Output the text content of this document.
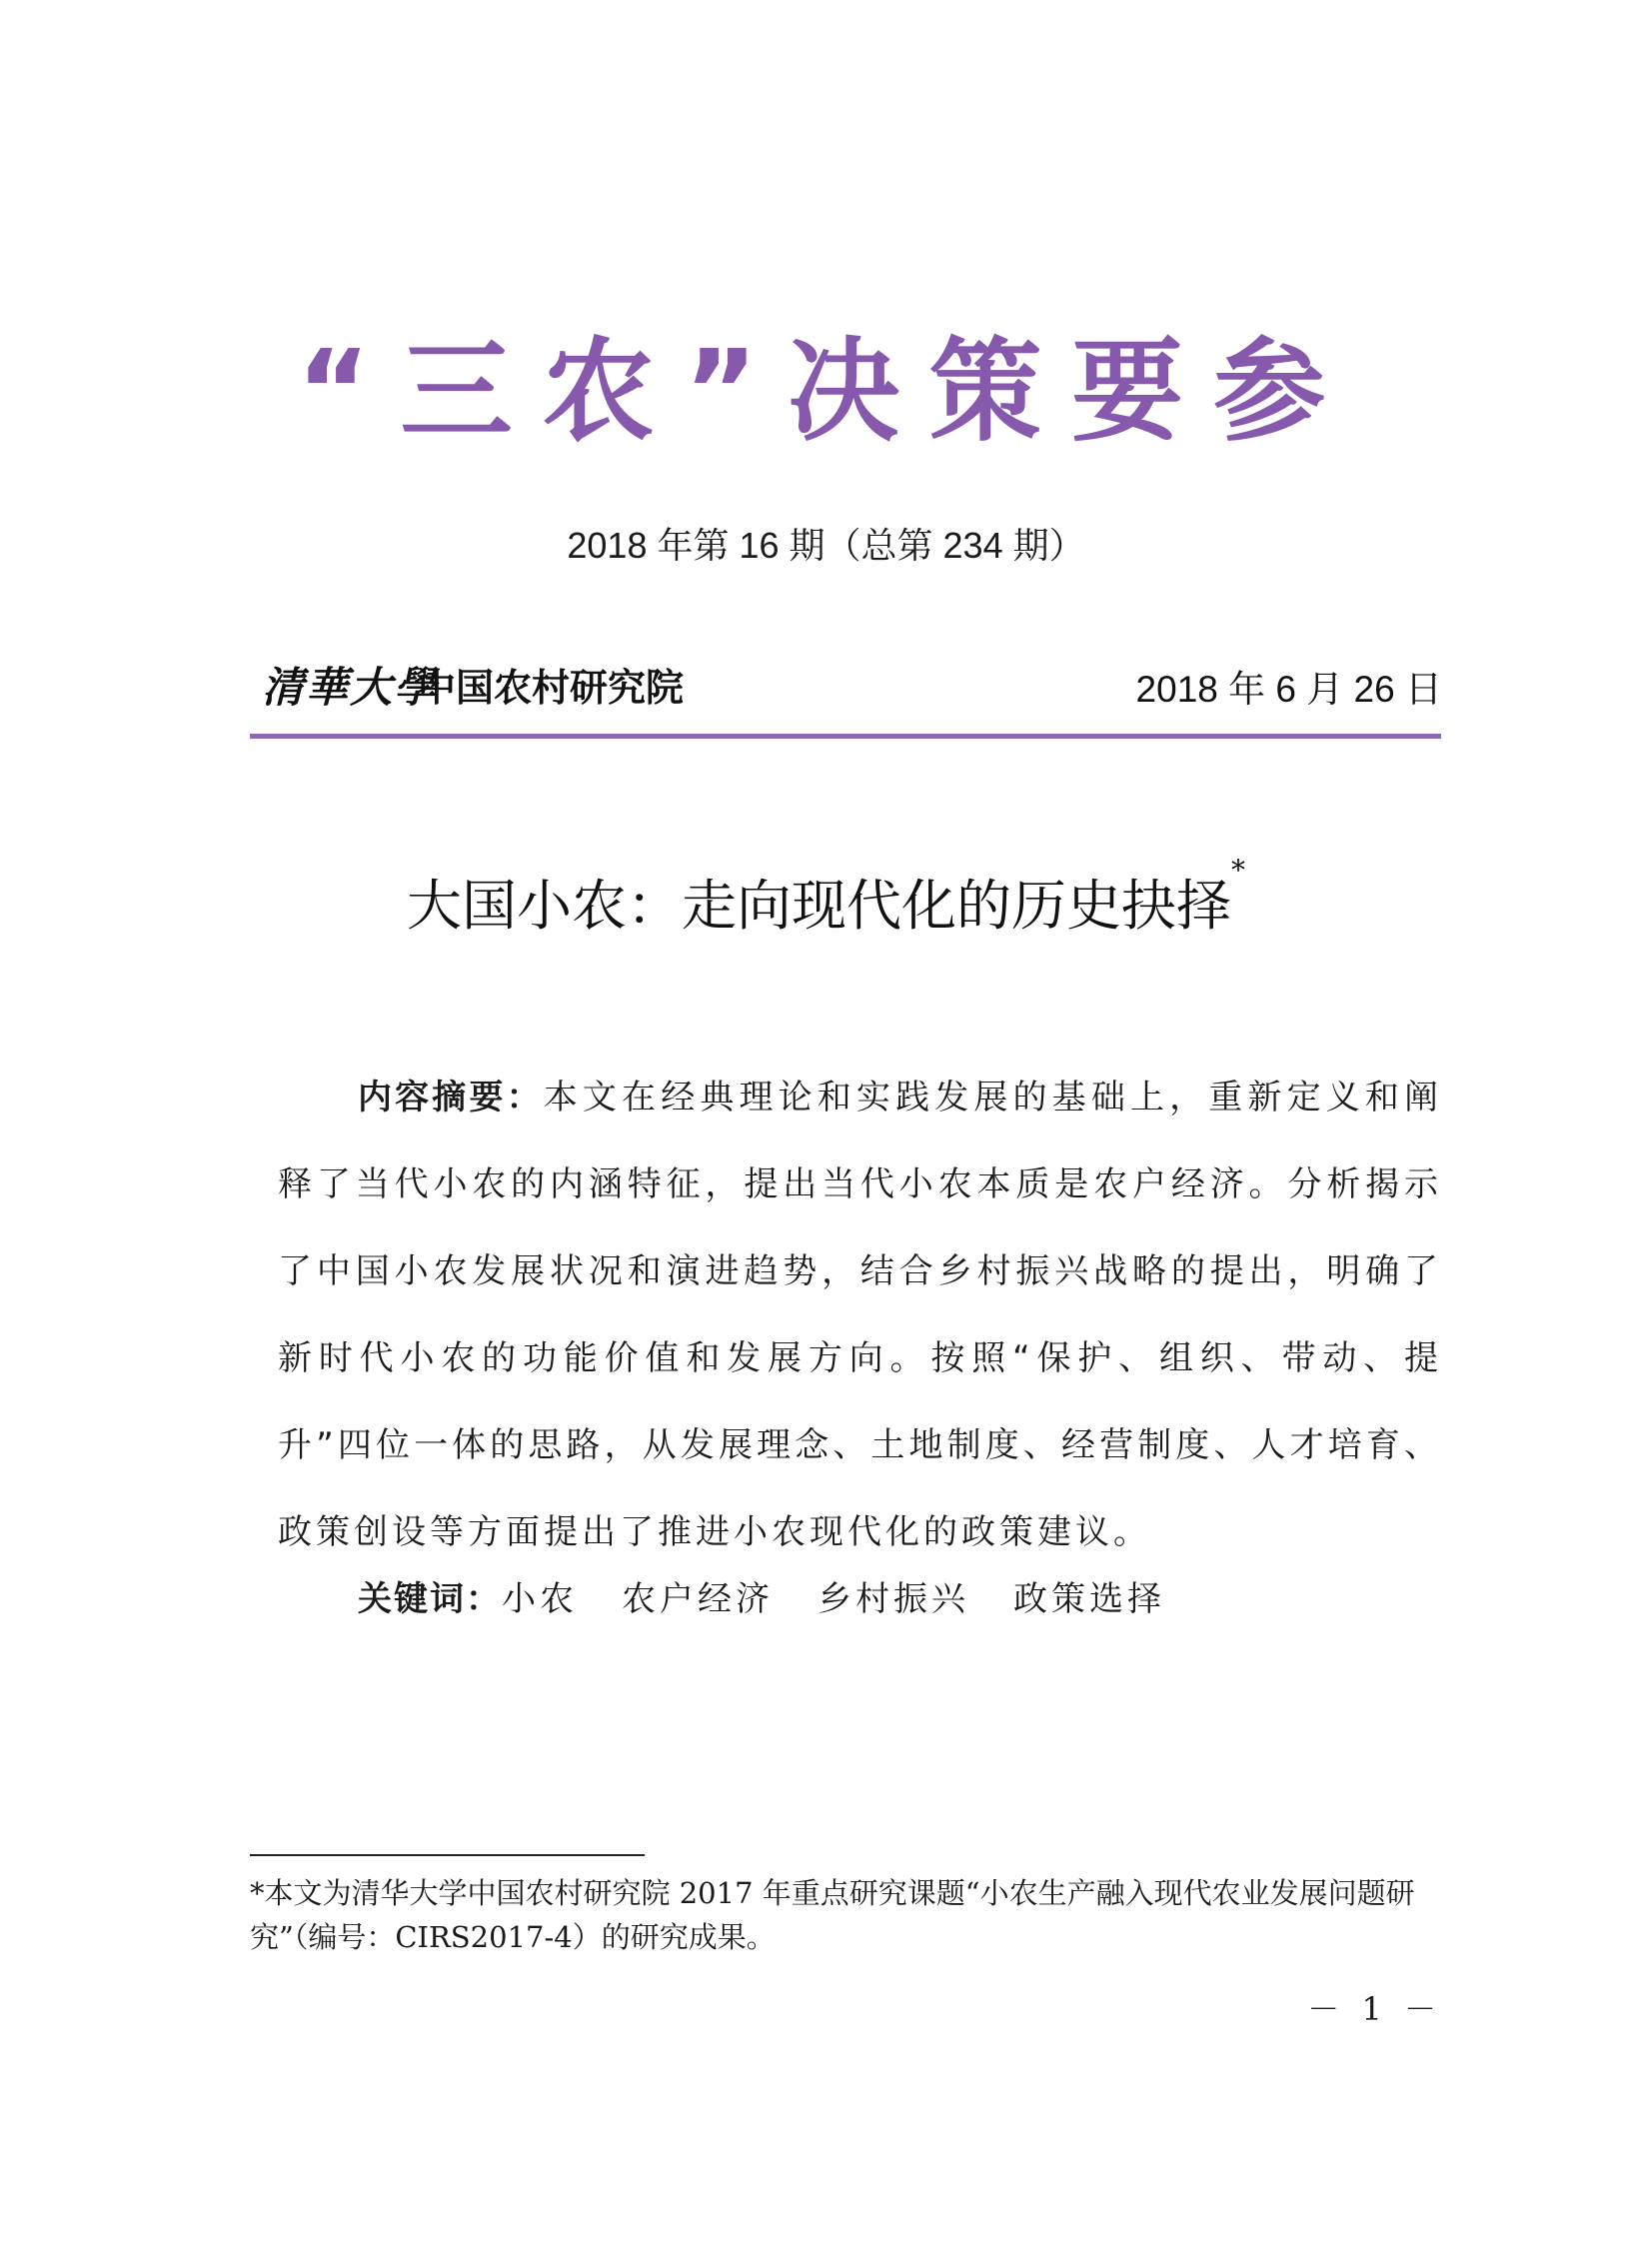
“三农”决策要参
2018 年第 16 期（总第 234 期）
清華大學
中国农村研究院	2018 年 6 月 26 日
大国小农：走向现代化的历史抉择*
内容摘要：本文在经典理论和实践发展的基础上，重新定义和阐释了当代小农的内涵特征，提出当代小农本质是农户经济。分析揭示了中国小农发展状况和演进趋势，结合乡村振兴战略的提出，明确了新时代小农的功能价值和发展方向。按照“保护、组织、带动、提升”四位一体的思路，从发展理念、土地制度、经营制度、人才培育、政策创设等方面提出了推进小农现代化的政策建议。
关键词：小农 农户经济 乡村振兴 政策选择
*本文为清华大学中国农村研究院 2017 年重点研究课题“小农生产融入现代农业发展问题研究”（编号：CIRS2017-4）的研究成果。
－ 1 －
